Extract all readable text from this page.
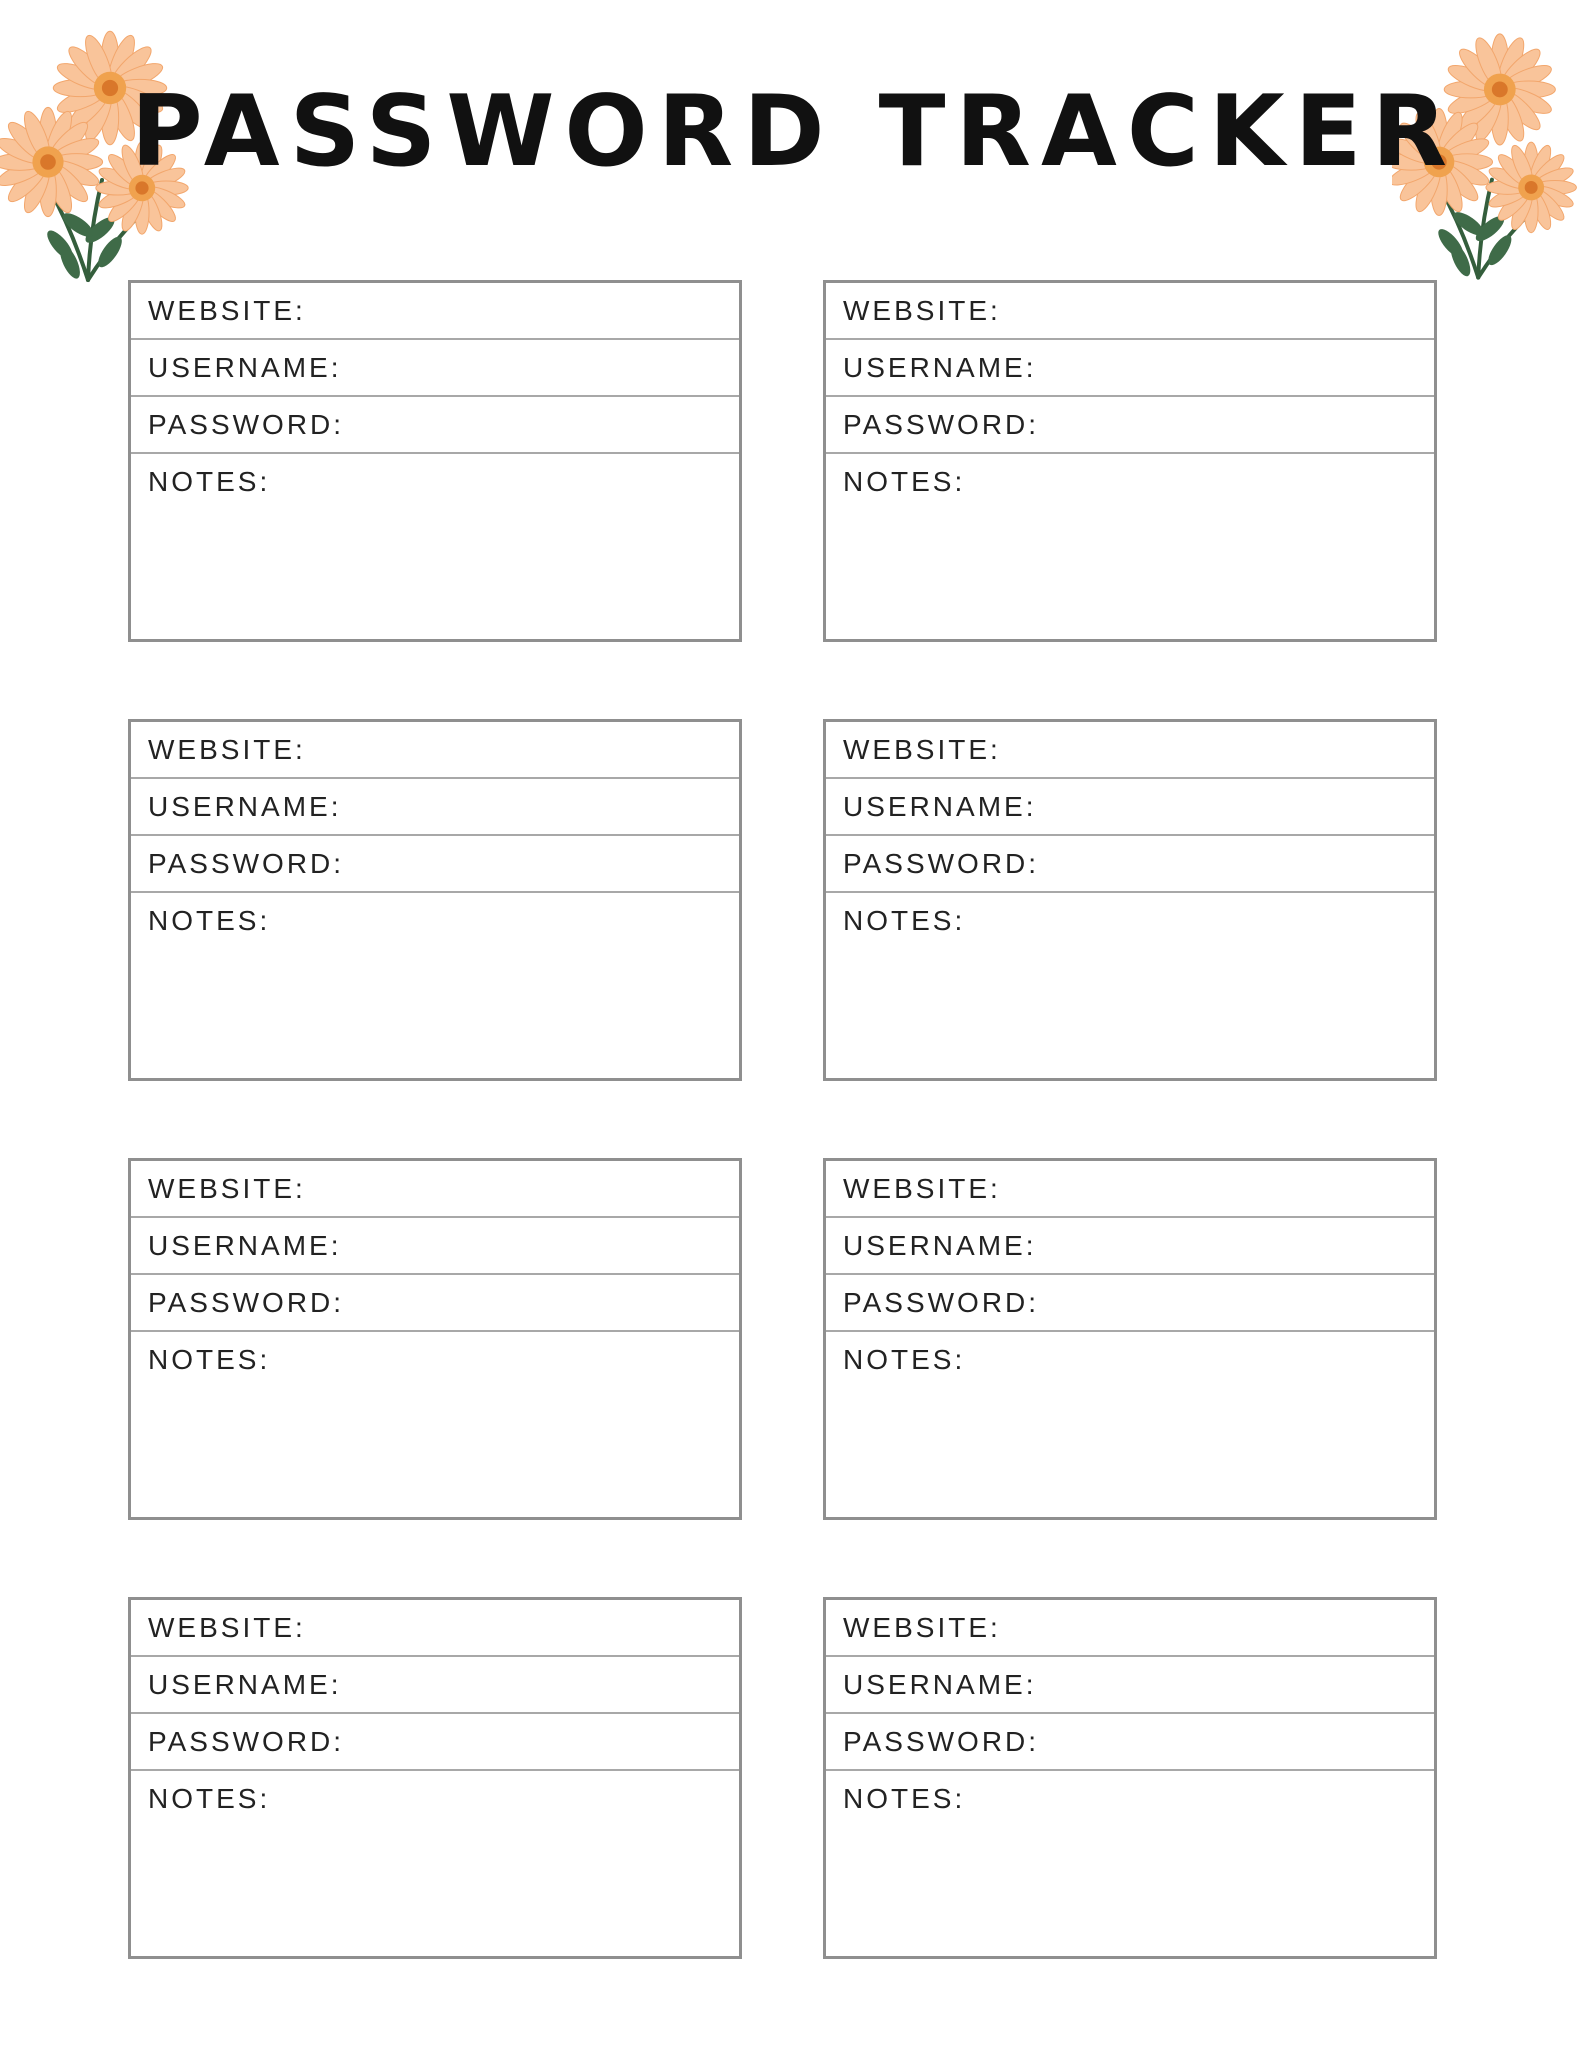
PASSWORD TRACKER
WEBSITE:
USERNAME:
PASSWORD:
NOTES:
WEBSITE:
USERNAME:
PASSWORD:
NOTES:
WEBSITE:
USERNAME:
PASSWORD:
NOTES:
WEBSITE:
USERNAME:
PASSWORD:
NOTES:
WEBSITE:
USERNAME:
PASSWORD:
NOTES:
WEBSITE:
USERNAME:
PASSWORD:
NOTES:
WEBSITE:
USERNAME:
PASSWORD:
NOTES:
WEBSITE:
USERNAME:
PASSWORD:
NOTES:
